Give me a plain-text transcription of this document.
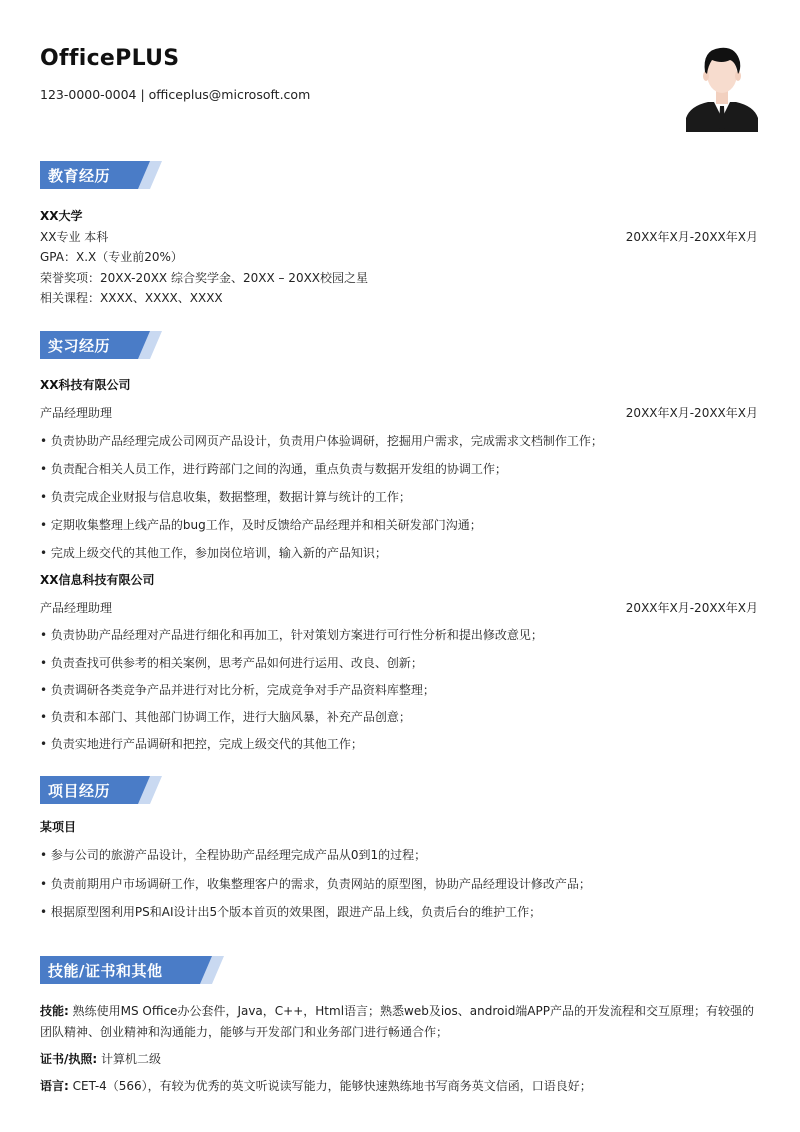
OfficePLUS
123-0000-0004 | officeplus@microsoft.com
教育经历
XX大学
XX专业 本科	20XX年X月-20XX年X月
GPA：X.X（专业前20%）
荣誉奖项：20XX-20XX 综合奖学金、20XX – 20XX校园之星
相关课程：XXXX、XXXX、XXXX
实习经历
XX科技有限公司
产品经理助理	20XX年X月-20XX年X月
• 负责协助产品经理完成公司网页产品设计，负责用户体验调研，挖掘用户需求，完成需求文档制作工作；
• 负责配合相关人员工作，进行跨部门之间的沟通，重点负责与数据开发组的协调工作；
• 负责完成企业财报与信息收集，数据整理，数据计算与统计的工作；
• 定期收集整理上线产品的bug工作，及时反馈给产品经理并和相关研发部门沟通；
• 完成上级交代的其他工作，参加岗位培训，输入新的产品知识；
XX信息科技有限公司
产品经理助理	20XX年X月-20XX年X月
• 负责协助产品经理对产品进行细化和再加工，针对策划方案进行可行性分析和提出修改意见；
• 负责查找可供参考的相关案例，思考产品如何进行运用、改良、创新；
• 负责调研各类竞争产品并进行对比分析，完成竞争对手产品资料库整理；
• 负责和本部门、其他部门协调工作，进行大脑风暴，补充产品创意；
• 负责实地进行产品调研和把控，完成上级交代的其他工作；
项目经历
某项目
• 参与公司的旅游产品设计，全程协助产品经理完成产品从0到1的过程；
• 负责前期用户市场调研工作，收集整理客户的需求，负责网站的原型图，协助产品经理设计修改产品；
• 根据原型图利用PS和AI设计出5个版本首页的效果图，跟进产品上线，负责后台的维护工作；
技能/证书和其他
技能: 熟练使用MS Office办公套件，Java，C++，Html语言；熟悉web及ios、android端APP产品的开发流程和交互原理；有较强的团队精神、创业精神和沟通能力，能够与开发部门和业务部门进行畅通合作；
证书/执照: 计算机二级
语言: CET-4（566），有较为优秀的英文听说读写能力，能够快速熟练地书写商务英文信函，口语良好；
